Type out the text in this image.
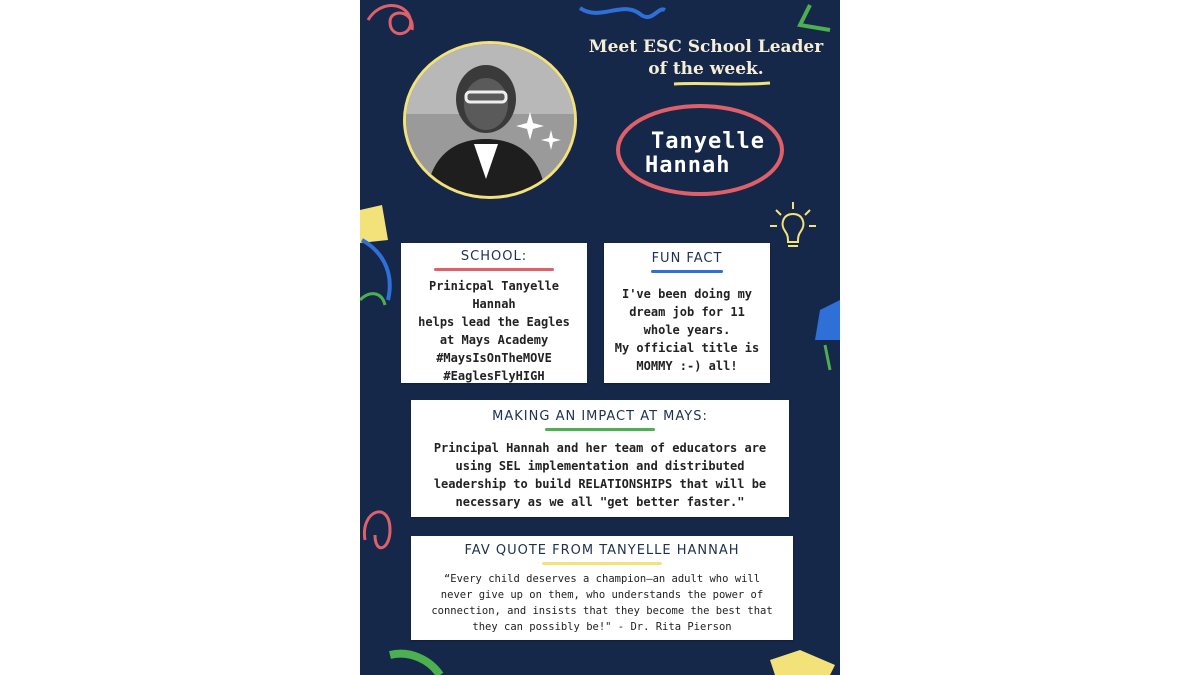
Meet ESC School Leader
of the week.
Tanyelle
Hannah
SCHOOL:
Prinicpal Tanyelle
Hannah
helps lead the Eagles
at Mays Academy
#MaysIsOnTheMOVE
#EaglesFlyHIGH
FUN FACT
I've been doing my
dream job for 11
whole years.
My official title is
MOMMY :-) all!
MAKING AN IMPACT AT MAYS:
Principal Hannah and her team of educators are
using SEL implementation and distributed
leadership to build RELATIONSHIPS that will be
necessary as we all "get better faster."
FAV QUOTE FROM TANYELLE HANNAH
“Every child deserves a champion—an adult who will
never give up on them, who understands the power of
connection, and insists that they become the best that
they can possibly be!" - Dr. Rita Pierson
